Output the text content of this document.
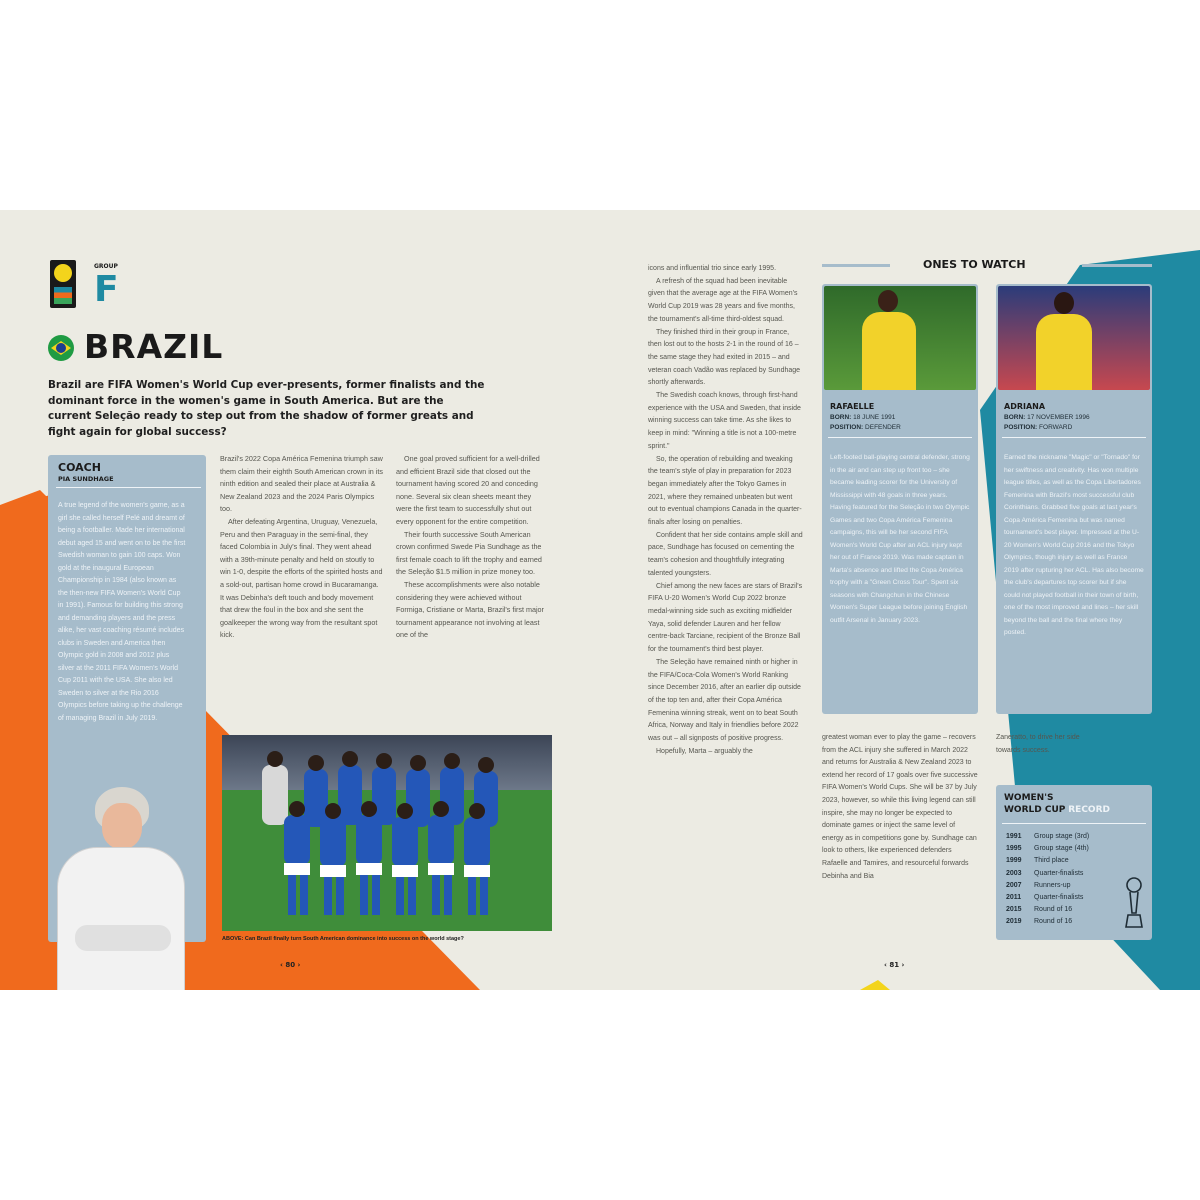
GROUP
F
BRAZIL
Brazil are FIFA Women's World Cup ever-presents, former finalists and the dominant force in the women's game in South America. But are the current Seleção ready to step out from the shadow of former greats and fight again for global success?
COACH
PIA SUNDHAGE
A true legend of the women's game, as a girl she called herself Pelé and dreamt of being a footballer. Made her international debut aged 15 and went on to be the first Swedish woman to gain 100 caps. Won gold at the inaugural European Championship in 1984 (also known as the then-new FIFA Women's World Cup in 1991). Famous for building this strong and demanding players and the press alike, her vast coaching résumé includes clubs in Sweden and America then Olympic gold in 2008 and 2012 plus silver at the 2011 FIFA Women's World Cup 2011 with the USA. She also led Sweden to silver at the Rio 2016 Olympics before taking up the challenge of managing Brazil in July 2019.

Brazil's 2022 Copa América Femenina triumph saw them claim their eighth South American crown in its ninth edition and sealed their place at Australia & New Zealand 2023 and the 2024 Paris Olympics too.

After defeating Argentina, Uruguay, Venezuela, Peru and then Paraguay in the semi-final, they faced Colombia in July's final. They went ahead with a 39th-minute penalty and held on stoutly to win 1-0, despite the efforts of the spirited hosts and a sold-out, partisan home crowd in Bucaramanga. It was Debinha's deft touch and body movement that drew the foul in the box and she sent the goalkeeper the wrong way from the resultant spot kick.

One goal proved sufficient for a well-drilled and efficient Brazil side that closed out the tournament having scored 20 and conceding none. Several six clean sheets meant they were the first team to successfully shut out every opponent for the entire competition.

Their fourth successive South American crown confirmed Swede Pia Sundhage as the first female coach to lift the trophy and earned the Seleção $1.5 million in prize money too.

These accomplishments were also notable considering they were achieved without Formiga, Cristiane or Marta, Brazil's first major tournament appearance not involving at least one of the

ABOVE: Can Brazil finally turn South American dominance into success on the world stage?
‹ 80 ›

icons and influential trio since early 1995.

A refresh of the squad had been inevitable given that the average age at the FIFA Women's World Cup 2019 was 28 years and five months, the tournament's all-time third-oldest squad.

They finished third in their group in France, then lost out to the hosts 2-1 in the round of 16 – the same stage they had exited in 2015 – and veteran coach Vadão was replaced by Sundhage shortly afterwards.

The Swedish coach knows, through first-hand experience with the USA and Sweden, that inside winning success can take time. As she likes to keep in mind: "Winning a title is not a 100-metre sprint."

So, the operation of rebuilding and tweaking the team's style of play in preparation for 2023 began immediately after the Tokyo Games in 2021, where they remained unbeaten but went out to eventual champions Canada in the quarter-finals after losing on penalties.

Confident that her side contains ample skill and pace, Sundhage has focused on cementing the team's cohesion and thoughtfully integrating talented youngsters.

Chief among the new faces are stars of Brazil's FIFA U-20 Women's World Cup 2022 bronze medal-winning side such as exciting midfielder Yaya, solid defender Lauren and her fellow centre-back Tarciane, recipient of the Bronze Ball for the tournament's third best player.

The Seleção have remained ninth or higher in the FIFA/Coca-Cola Women's World Ranking since December 2016, after an earlier dip outside of the top ten and, after their Copa América Femenina winning streak, went on to beat South Africa, Norway and Italy in friendlies before 2022 was out – all signposts of positive progress.

Hopefully, Marta – arguably the

ONES TO WATCH
RAFAELLE
BORN: 18 JUNE 1991
POSITION: DEFENDER
Left-footed ball-playing central defender, strong in the air and can step up front too – she became leading scorer for the University of Mississippi with 48 goals in three years. Having featured for the Seleção in two Olympic Games and two Copa América Femenina campaigns, this will be her second FIFA Women's World Cup after an ACL injury kept her out of France 2019. Was made captain in Marta's absence and lifted the Copa América trophy with a "Green Cross Tour". Spent six seasons with Changchun in the Chinese Women's Super League before joining English outfit Arsenal in January 2023.
ADRIANA
BORN: 17 NOVEMBER 1996
POSITION: FORWARD
Earned the nickname "Magic" or "Tornado" for her swiftness and creativity. Has won multiple league titles, as well as the Copa Libertadores Femenina with Brazil's most successful club Corinthians. Grabbed five goals at last year's Copa América Femenina but was named tournament's best player. Impressed at the U-20 Women's World Cup 2016 and the Tokyo Olympics, though injury as well as France 2019 after rupturing her ACL. Has also become the club's departures top scorer but if she could not played football in their town of birth, one of the most improved and lines – her skill beyond the ball and the final where they posted.

greatest woman ever to play the game – recovers from the ACL injury she suffered in March 2022 and returns for Australia & New Zealand 2023 to extend her record of 17 goals over five successive FIFA Women's World Cups. She will be 37 by July 2023, however, so while this living legend can still inspire, she may no longer be expected to dominate games or inject the same level of energy as in competitions gone by. Sundhage can look to others, like experienced defenders Rafaelle and Tamires, and resourceful forwards Debinha and Bia

Zaneratto, to drive her side towards success.

WOMEN'S
WORLD CUP RECORD
1991	Group stage (3rd)
1995	Group stage (4th)
1999	Third place
2003	Quarter-finalists
2007	Runners-up
2011	Quarter-finalists
2015	Round of 16
2019	Round of 16
‹ 81 ›
